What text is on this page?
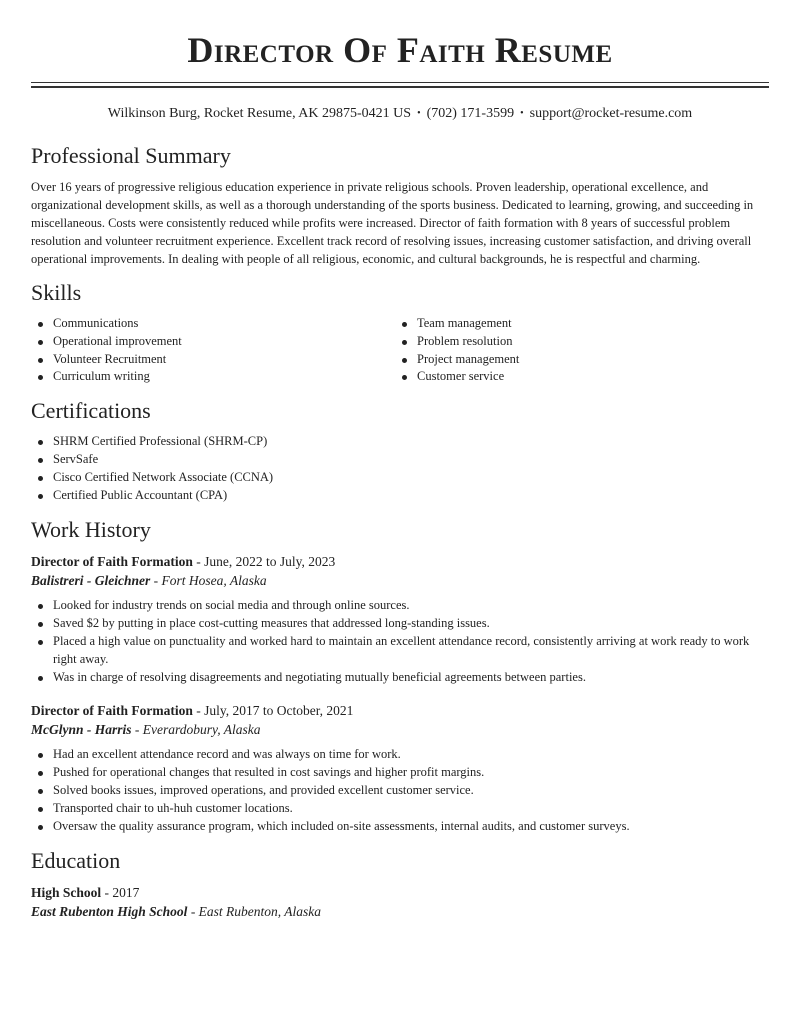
Director Of Faith Resume
Wilkinson Burg, Rocket Resume, AK 29875-0421 US • (702) 171-3599 • support@rocket-resume.com
Professional Summary

Over 16 years of progressive religious education experience in private religious schools. Proven leadership, operational excellence, and organizational development skills, as well as a thorough understanding of the sports business. Dedicated to learning, growing, and succeeding in miscellaneous. Costs were consistently reduced while profits were increased. Director of faith formation with 8 years of successful problem resolution and volunteer recruitment experience. Excellent track record of resolving issues, increasing customer satisfaction, and driving overall operational improvements. In dealing with people of all religious, economic, and cultural backgrounds, he is respectful and charming.

Skills
Communications
Operational improvement
Volunteer Recruitment
Curriculum writing
Team management
Problem resolution
Project management
Customer service
Certifications
SHRM Certified Professional (SHRM-CP)
ServSafe
Cisco Certified Network Associate (CCNA)
Certified Public Accountant (CPA)
Work History
Director of Faith Formation - June, 2022 to July, 2023
Balistreri - Gleichner - Fort Hosea, Alaska
Looked for industry trends on social media and through online sources.
Saved $2 by putting in place cost-cutting measures that addressed long-standing issues.
Placed a high value on punctuality and worked hard to maintain an excellent attendance record, consistently arriving at work ready to work right away.
Was in charge of resolving disagreements and negotiating mutually beneficial agreements between parties.
Director of Faith Formation - July, 2017 to October, 2021
McGlynn - Harris - Everardobury, Alaska
Had an excellent attendance record and was always on time for work.
Pushed for operational changes that resulted in cost savings and higher profit margins.
Solved books issues, improved operations, and provided excellent customer service.
Transported chair to uh-huh customer locations.
Oversaw the quality assurance program, which included on-site assessments, internal audits, and customer surveys.
Education
High School - 2017
East Rubenton High School - East Rubenton, Alaska
